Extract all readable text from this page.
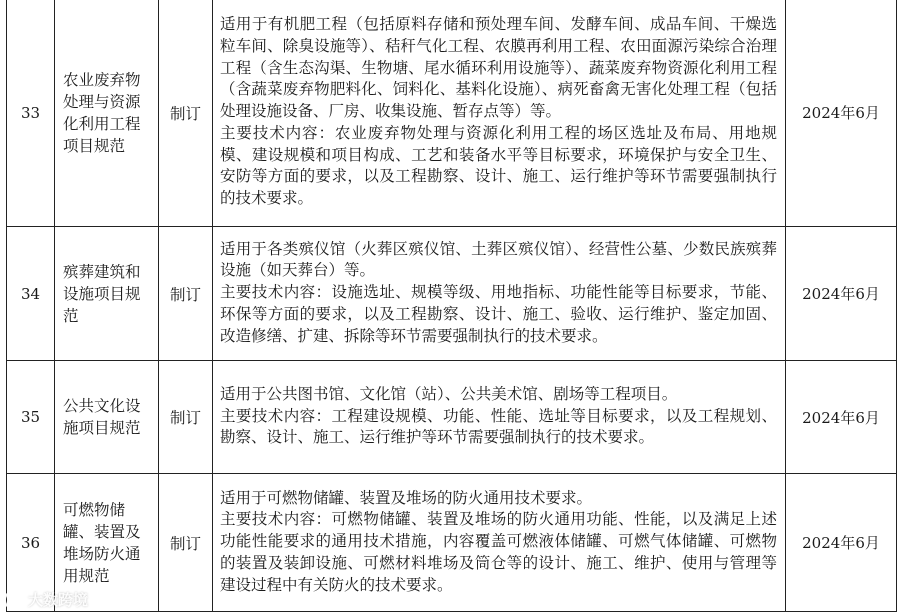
33	农业废弃物处理与资源化利用工程项目规范	制订	适用于有机肥工程（包括原料存储和预处理车间、发酵车间、成品车间、干燥选粒车间、除臭设施等）、秸秆气化工程、农膜再利用工程、农田面源污染综合治理工程（含生态沟渠、生物塘、尾水循环利用设施等）、蔬菜废弃物资源化利用工程（含蔬菜废弃物肥料化、饲料化、基料化设施）、病死畜禽无害化处理工程（包括处理设施设备、厂房、收集设施、暂存点等）等。
主要技术内容：农业废弃物处理与资源化利用工程的场区选址及布局、用地规模、建设规模和项目构成、工艺和装备水平等目标要求，环境保护与安全卫生、安防等方面的要求，以及工程勘察、设计、施工、运行维护等环节需要强制执行的技术要求。	2024年6月
34	殡葬建筑和设施项目规范	制订	适用于各类殡仪馆（火葬区殡仪馆、土葬区殡仪馆）、经营性公墓、少数民族殡葬设施（如天葬台）等。
主要技术内容：设施选址、规模等级、用地指标、功能性能等目标要求，节能、环保等方面的要求，以及工程勘察、设计、施工、验收、运行维护、鉴定加固、改造修缮、扩建、拆除等环节需要强制执行的技术要求。	2024年6月
35	公共文化设施项目规范	制订	适用于公共图书馆、文化馆（站）、公共美术馆、剧场等工程项目。
主要技术内容：工程建设规模、功能、性能、选址等目标要求，以及工程规划、勘察、设计、施工、运行维护等环节需要强制执行的技术要求。	2024年6月
36	可燃物储罐、装置及堆场防火通用规范	制订	适用于可燃物储罐、装置及堆场的防火通用技术要求。
主要技术内容：可燃物储罐、装置及堆场的防火通用功能、性能，以及满足上述功能性能要求的通用技术措施，内容覆盖可燃液体储罐、可燃气体储罐、可燃物的装置及装卸设施、可燃材料堆场及筒仓等的设计、施工、维护、使用与管理等建设过程中有关防火的技术要求。	2024年6月
大数跨境
